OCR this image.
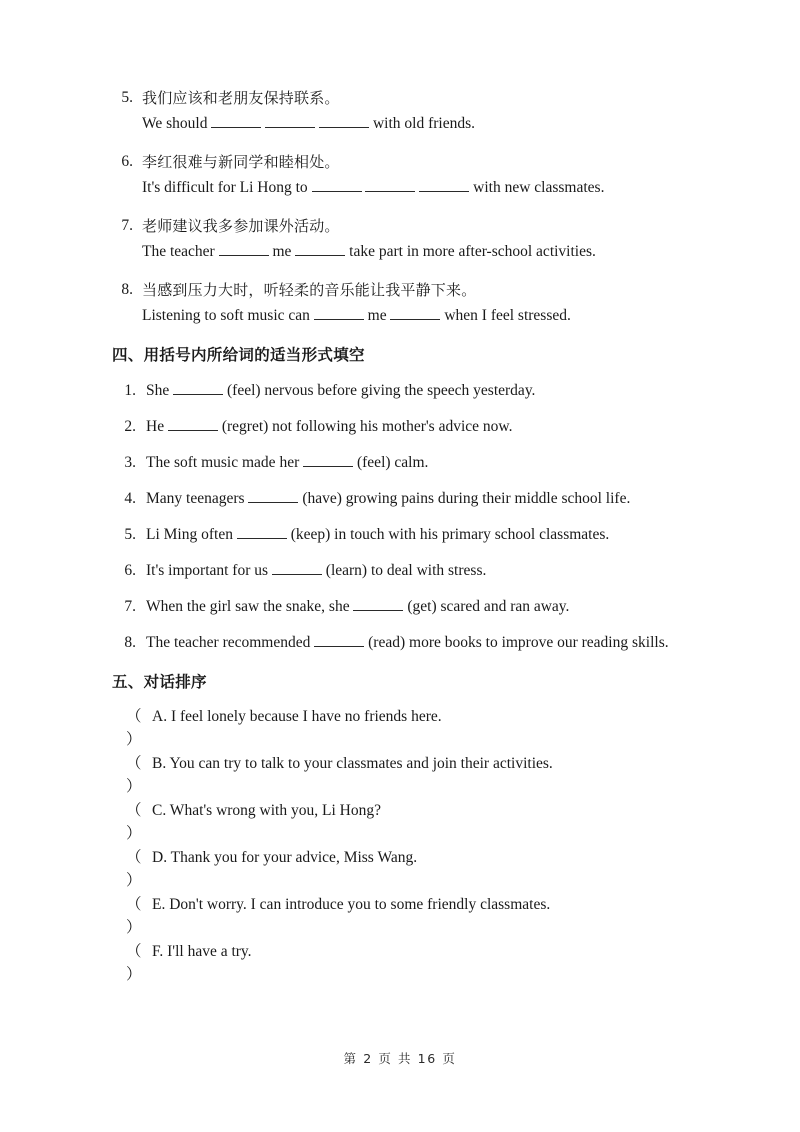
5. 我们应该和老朋友保持联系。
We should	with old friends.
6. 李红很难与新同学和睦相处。
It's difficult for Li Hong to	with new classmates.
7. 老师建议我多参加课外活动。
The teacher	me	take part in more after-school activities.
8. 当感到压力大时，听轻柔的音乐能让我平静下来。
Listening to soft music can	me	when I feel stressed.
四、用括号内所给词的适当形式填空
1. She	(feel) nervous before giving the speech yesterday.
2. He	(regret) not following his mother's advice now.
3. The soft music made her	(feel) calm.
4. Many teenagers	(have) growing pains during their middle school life.
5. Li Ming often	(keep) in touch with his primary school classmates.
6. It's important for us	(learn) to deal with stress.
7. When the girl saw the snake, she	(get) scared and ran away.
8. The teacher recommended	(read) more books to improve our reading skills.
五、对话排序
（ ）
A. I feel lonely because I have no friends here.
（ ）
B. You can try to talk to your classmates and join their activities.
（ ）
C. What's wrong with you, Li Hong?
（ ）
D. Thank you for your advice, Miss Wang.
（ ）
E. Don't worry. I can introduce you to some friendly classmates.
（ ）
F. I'll have a try.
第 2 页 共 16 页
